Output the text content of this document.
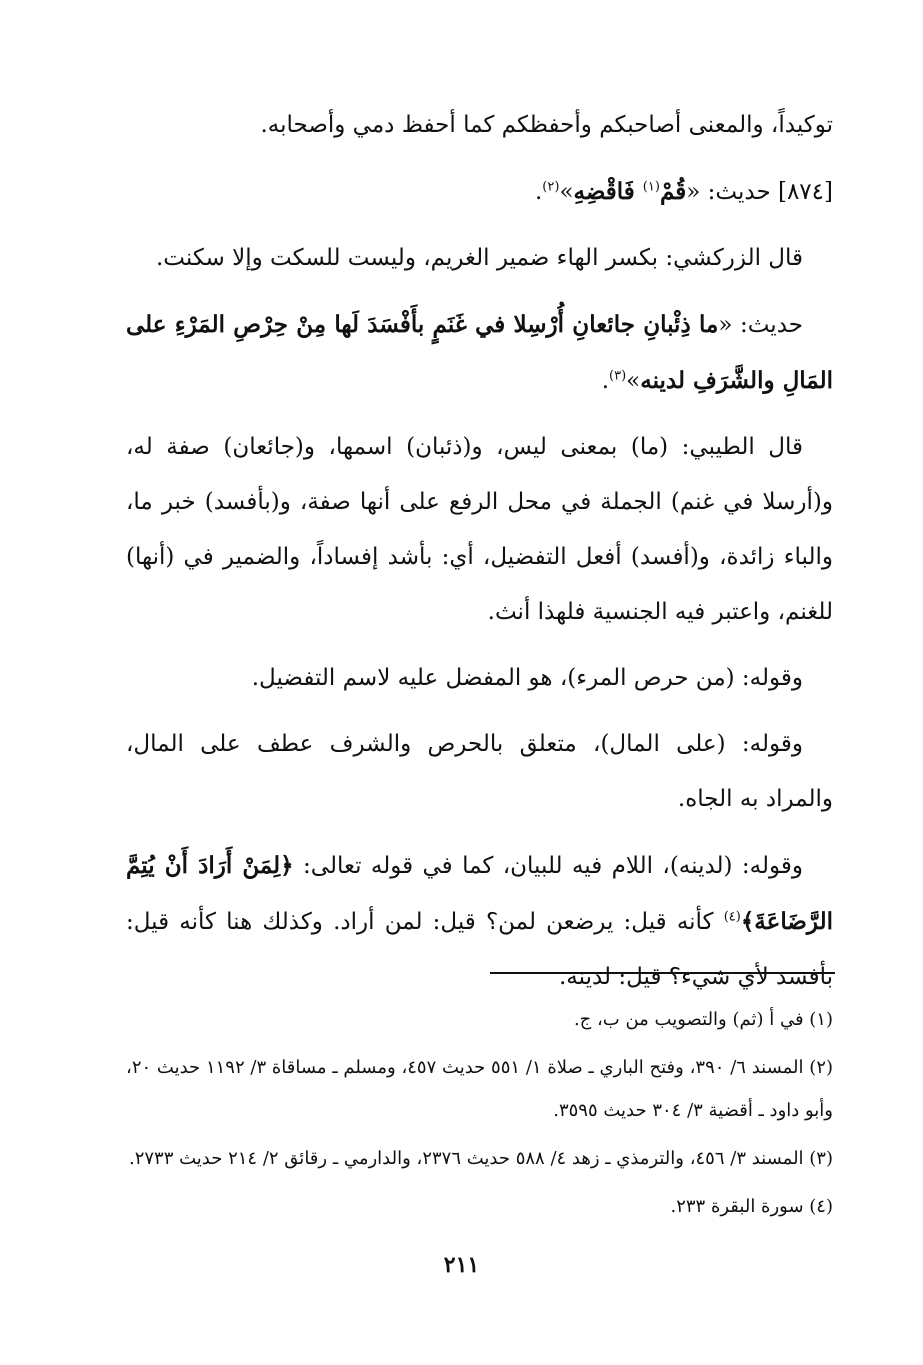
توكيداً، والمعنى أصاحبكم وأحفظكم كما أحفظ دمي وأصحابه.

[٨٧٤] حديث: «قُمْ$^{(١)}$ فَاقْضِهِ»$^{(٢)}$.

قال الزركشي: بكسر الهاء ضمير الغريم، وليست للسكت وإلا سكنت.

حديث: «ما ذِئْبانِ جائعانِ أُرْسِلا في غَنَمٍ بأَفْسَدَ لَها مِنْ حِرْصِ المَرْءِ على المَالِ والشَّرَفِ لدينه»$^{(٣)}$.

قال الطيبي: (ما) بمعنى ليس، و(ذئبان) اسمها، و(جائعان) صفة له، و(أرسلا في غنم) الجملة في محل الرفع على أنها صفة، و(بأفسد) خبر ما، والباء زائدة، و(أفسد) أفعل التفضيل، أي: بأشد إفساداً، والضمير في (أنها) للغنم، واعتبر فيه الجنسية فلهذا أنث.

وقوله: (من حرص المرء)، هو المفضل عليه لاسم التفضيل.

وقوله: (على المال)، متعلق بالحرص والشرف عطف على المال، والمراد به الجاه.

وقوله: (لدينه)، اللام فيه للبيان، كما في قوله تعالى: ﴿لِمَنْ أَرَادَ أَنْ يُتِمَّ الرَّضَاعَةَ﴾$^{(٤)}$ كأنه قيل: يرضعن لمن؟ قيل: لمن أراد. وكذلك هنا كأنه قيل: بأفسد لأي شيء؟ قيل: لدينه.

(١) في أ (ثم) والتصويب من ب، ج.

(٢) المسند ٦/ ٣٩٠، وفتح الباري ـ صلاة ١/ ٥٥١ حديث ٤٥٧، ومسلم ـ مساقاة ٣/ ١١٩٢ حديث ٢٠، وأبو داود ـ أقضية ٣/ ٣٠٤ حديث ٣٥٩٥.

(٣) المسند ٣/ ٤٥٦، والترمذي ـ زهد ٤/ ٥٨٨ حديث ٢٣٧٦، والدارمي ـ رقائق ٢/ ٢١٤ حديث ٢٧٣٣.

(٤) سورة البقرة ٢٣٣.

٢١١
